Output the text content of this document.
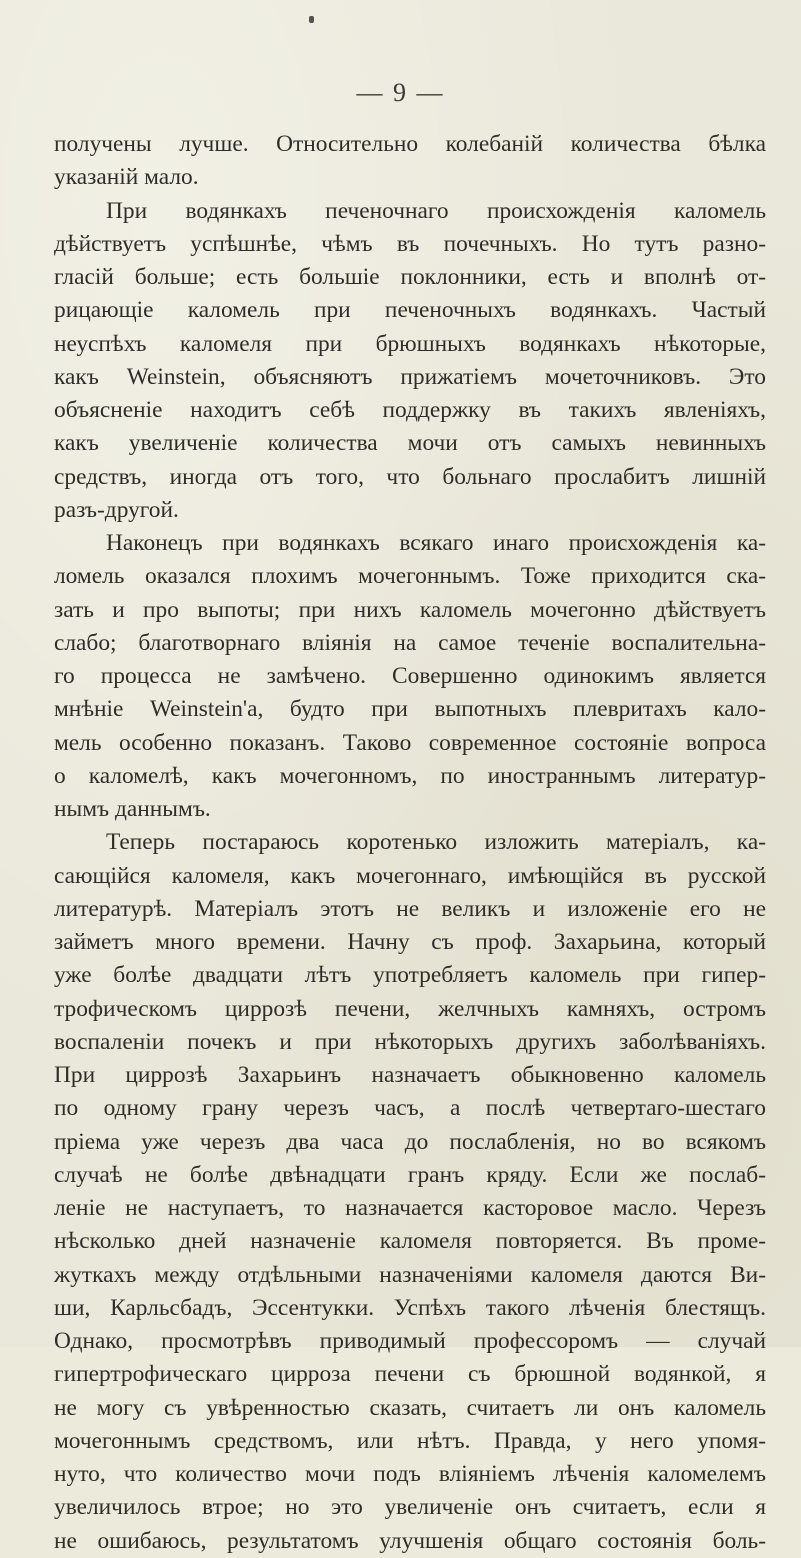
— 9 —
получены лучше. Относительно колебаній количества бѣлка
указаній мало.
При водянкахъ печеночнаго происхожденія каломель
дѣйствуетъ успѣшнѣе, чѣмъ въ почечныхъ. Но тутъ разно-
гласій больше; есть большіе поклонники, есть и вполнѣ от-
рицающіе каломель при печеночныхъ водянкахъ. Частый
неуспѣхъ каломеля при брюшныхъ водянкахъ нѣкоторые,
какъ Weinstein, объясняютъ прижатіемъ мочеточниковъ. Это
объясненіе находитъ себѣ поддержку въ такихъ явленіяхъ,
какъ увеличеніе количества мочи отъ самыхъ невинныхъ
средствъ, иногда отъ того, что больнаго прослабитъ лишній
разъ-другой.
Наконецъ при водянкахъ всякаго инаго происхожденія ка-
ломель оказался плохимъ мочегоннымъ. Тоже приходится ска-
зать и про выпоты; при нихъ каломель мочегонно дѣйствуетъ
слабо; благотворнаго вліянія на самое теченіе воспалительна-
го процесса не замѣчено. Совершенно одинокимъ является
мнѣніе Weinstein'а, будто при выпотныхъ плевритахъ кало-
мель особенно показанъ. Таково современное состояніе вопроса
о каломелѣ, какъ мочегонномъ, по иностраннымъ литератур-
нымъ даннымъ.
Теперь постараюсь коротенько изложить матеріалъ, ка-
сающійся каломеля, какъ мочегоннаго, имѣющійся въ русской
литературѣ. Матеріалъ этотъ не великъ и изложеніе его не
займетъ много времени. Начну съ проф. Захарьина, который
уже болѣе двадцати лѣтъ употребляетъ каломель при гипер-
трофическомъ циррозѣ печени, желчныхъ камняхъ, остромъ
воспаленіи почекъ и при нѣкоторыхъ другихъ заболѣваніяхъ.
При циррозѣ Захарьинъ назначаетъ обыкновенно каломель
по одному грану черезъ часъ, а послѣ четвертаго-шестаго
пріема уже черезъ два часа до послабленія, но во всякомъ
случаѣ не болѣе двѣнадцати гранъ кряду. Если же послаб-
леніе не наступаетъ, то назначается касторовое масло. Черезъ
нѣсколько дней назначеніе каломеля повторяется. Въ проме-
жуткахъ между отдѣльными назначеніями каломеля даются Ви-
ши, Карльсбадъ, Эссентукки. Успѣхъ такого лѣченія блестящъ.
Однако, просмотрѣвъ приводимый профессоромъ — случай
гипертрофическаго цирроза печени съ брюшной водянкой, я
не могу съ увѣренностью сказать, считаетъ ли онъ каломель
мочегоннымъ средствомъ, или нѣтъ. Правда, у него упомя-
нуто, что количество мочи подъ вліяніемъ лѣченія каломелемъ
увеличилось втрое; но это увеличеніе онъ считаетъ, если я
не ошибаюсь, результатомъ улучшенія общаго состоянія боль-
